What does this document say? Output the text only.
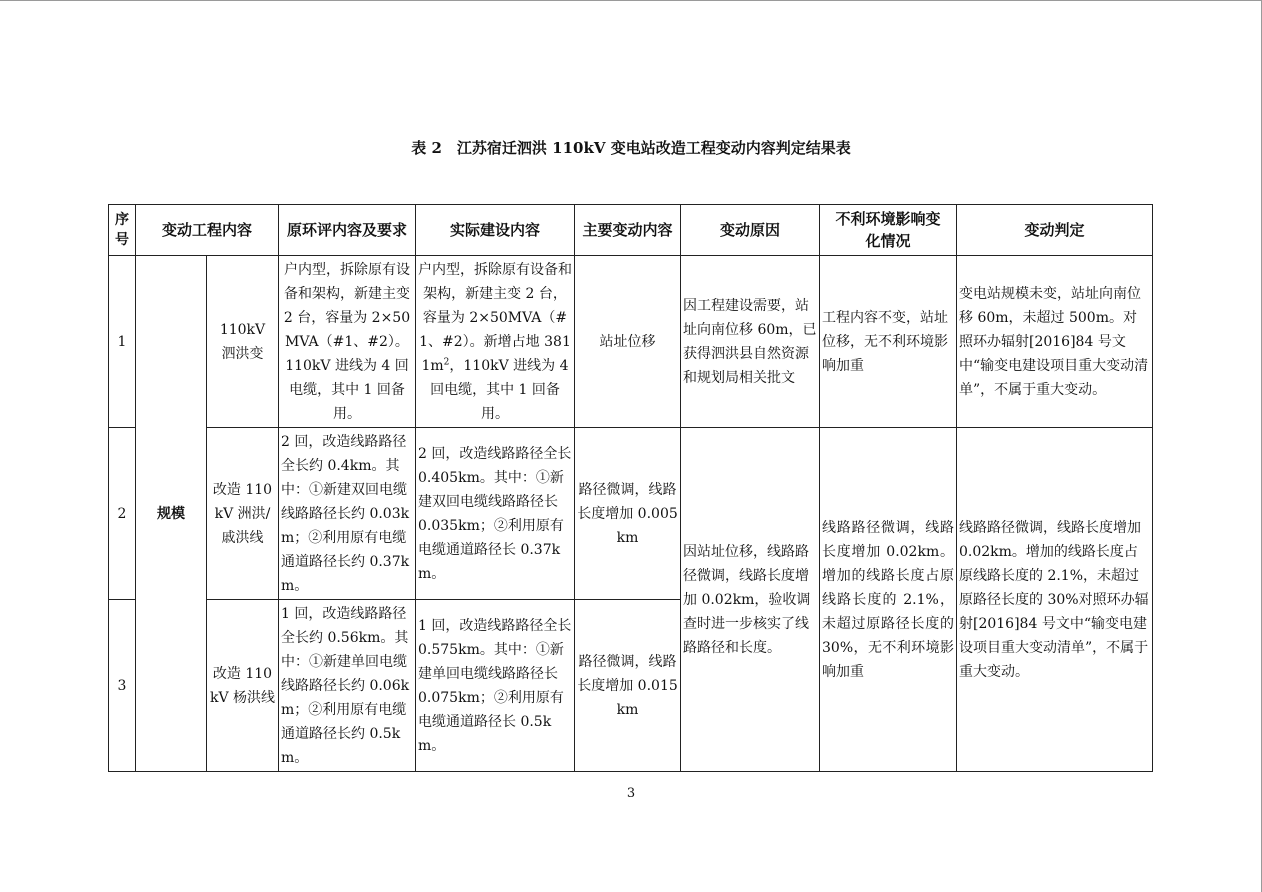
表 2　江苏宿迁泗洪 110kV 变电站改造工程变动内容判定结果表
序号	变动工程内容		原环评内容及要求	实际建设内容	主要变动内容	变动原因	不利环境影响变化情况	变动判定
1	规模	110kV 泗洪变	户内型，拆除原有设备和架构，新建主变 2 台，容量为 2×50MVA（#1、#2）。110kV 进线为 4 回电缆，其中 1 回备用。	户内型，拆除原有设备和架构，新建主变 2 台，容量为 2×50MVA（#1、#2）。新增占地 $3811m^2$，110kV 进线为 4 回电缆，其中 1 回备用。	站址位移	因工程建设需要，站址向南位移 60m，已获得泗洪县自然资源和规划局相关批文	工程内容不变，站址位移，无不利环境影响加重	变电站规模未变，站址向南位移 60m，未超过 500m。对照环办辐射[2016]84 号文中“输变电建设项目重大变动清单”，不属于重大变动。
2		改造 110kV 洲洪/戚洪线	2 回，改造线路路径全长约 0.4km。其中：①新建双回电缆线路路径长约 0.03km；②利用原有电缆通道路径长约 0.37km。	2 回，改造线路路径全长 0.405km。其中：①新建双回电缆线路路径长 0.035km；②利用原有电缆通道路径长 0.37km。	路径微调，线路长度增加 0.005km	因站址位移，线路路径微调，线路长度增加 0.02km，验收调查时进一步核实了线路路径和长度。	线路路径微调，线路长度增加 0.02km。增加的线路长度占原线路长度的 2.1%，未超过原路径长度的 30%，无不利环境影响加重	线路路径微调，线路长度增加 0.02km。增加的线路长度占原线路长度的 2.1%，未超过原路径长度的 30%对照环办辐射[2016]84 号文中“输变电建设项目重大变动清单”，不属于重大变动。
3		改造 110kV 杨洪线	1 回，改造线路路径全长约 0.56km。其中：①新建单回电缆线路路径长约 0.06km；②利用原有电缆通道路径长约 0.5km。	1 回，改造线路路径全长 0.575km。其中：①新建单回电缆线路路径长 0.075km；②利用原有电缆通道路径长 0.5km。	路径微调，线路长度增加 0.015km			
3
